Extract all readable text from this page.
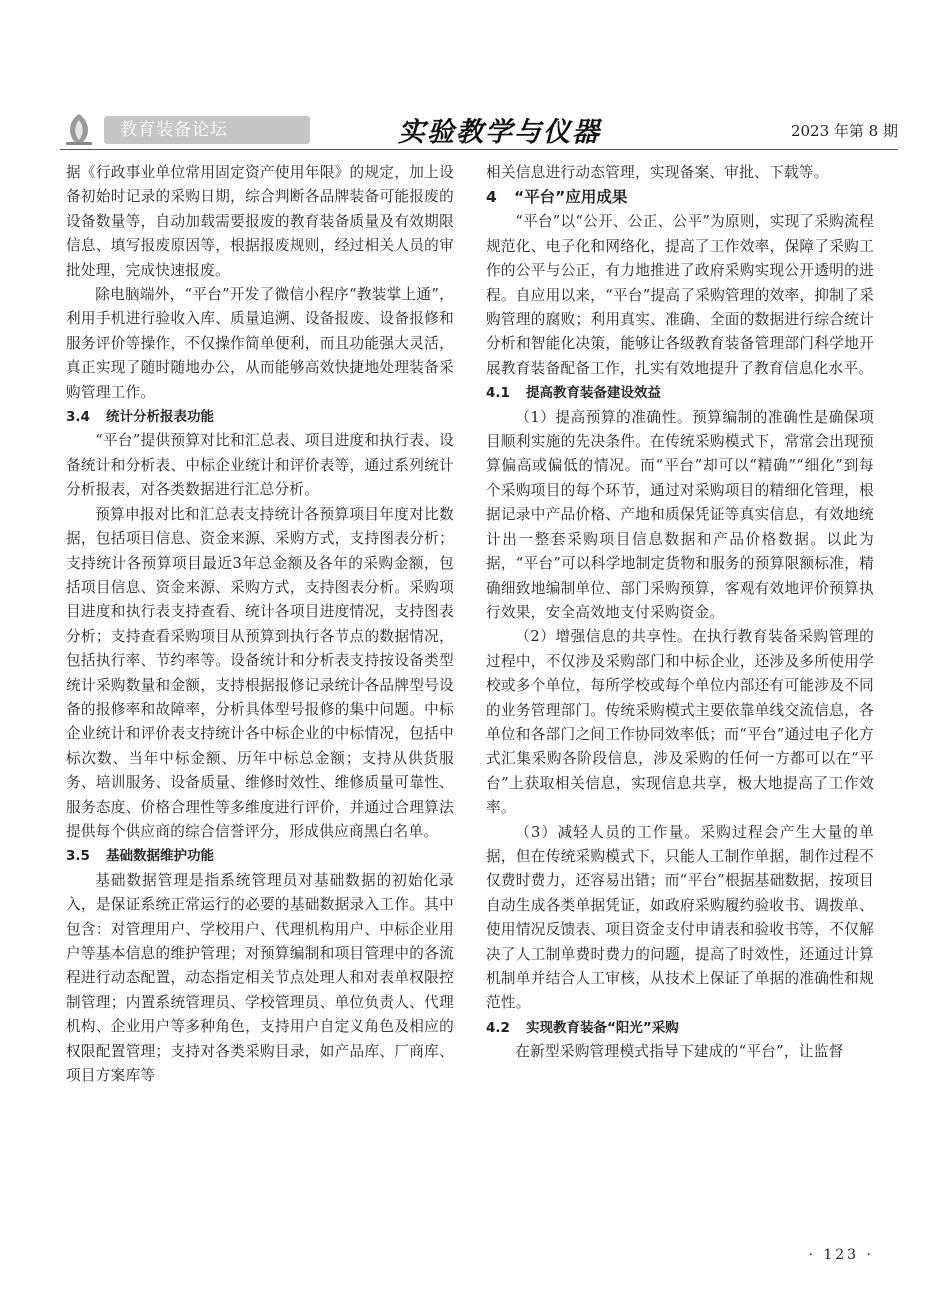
教育装备论坛	实验教学与仪器	2023 年第 8 期

据《行政事业单位常用固定资产使用年限》的规定，加上设备初始时记录的采购日期，综合判断各品牌装备可能报废的设备数量等，自动加载需要报废的教育装备质量及有效期限信息、填写报废原因等，根据报废规则，经过相关人员的审批处理，完成快速报废。

除电脑端外，“平台”开发了微信小程序“教装掌上通”，利用手机进行验收入库、质量追溯、设备报废、设备报修和服务评价等操作，不仅操作简单便利，而且功能强大灵活，真正实现了随时随地办公，从而能够高效快捷地处理装备采购管理工作。

3.4 统计分析报表功能

“平台”提供预算对比和汇总表、项目进度和执行表、设备统计和分析表、中标企业统计和评价表等，通过系列统计分析报表，对各类数据进行汇总分析。

预算申报对比和汇总表支持统计各预算项目年度对比数据，包括项目信息、资金来源、采购方式，支持图表分析；支持统计各预算项目最近3年总金额及各年的采购金额，包括项目信息、资金来源、采购方式，支持图表分析。采购项目进度和执行表支持查看、统计各项目进度情况，支持图表分析；支持查看采购项目从预算到执行各节点的数据情况，包括执行率、节约率等。设备统计和分析表支持按设备类型统计采购数量和金额，支持根据报修记录统计各品牌型号设备的报修率和故障率，分析具体型号报修的集中问题。中标企业统计和评价表支持统计各中标企业的中标情况，包括中标次数、当年中标金额、历年中标总金额；支持从供货服务、培训服务、设备质量、维修时效性、维修质量可靠性、服务态度、价格合理性等多维度进行评价，并通过合理算法提供每个供应商的综合信誉评分，形成供应商黑白名单。

3.5 基础数据维护功能

基础数据管理是指系统管理员对基础数据的初始化录入，是保证系统正常运行的必要的基础数据录入工作。其中包含：对管理用户、学校用户、代理机构用户、中标企业用户等基本信息的维护管理；对预算编制和项目管理中的各流程进行动态配置，动态指定相关节点处理人和对表单权限控制管理；内置系统管理员、学校管理员、单位负责人、代理机构、企业用户等多种角色，支持用户自定义角色及相应的权限配置管理；支持对各类采购目录，如产品库、厂商库、项目方案库等

相关信息进行动态管理，实现备案、审批、下载等。

4 “平台”应用成果

“平台”以“公开、公正、公平”为原则，实现了采购流程规范化、电子化和网络化，提高了工作效率，保障了采购工作的公平与公正，有力地推进了政府采购实现公开透明的进程。自应用以来，“平台”提高了采购管理的效率，抑制了采购管理的腐败；利用真实、准确、全面的数据进行综合统计分析和智能化决策，能够让各级教育装备管理部门科学地开展教育装备配备工作，扎实有效地提升了教育信息化水平。

4.1 提高教育装备建设效益

（1）提高预算的准确性。预算编制的准确性是确保项目顺利实施的先决条件。在传统采购模式下，常常会出现预算偏高或偏低的情况。而“平台”却可以“精确”“细化”到每个采购项目的每个环节，通过对采购项目的精细化管理，根据记录中产品价格、产地和质保凭证等真实信息，有效地统计出一整套采购项目信息数据和产品价格数据。以此为据，“平台”可以科学地制定货物和服务的预算限额标准，精确细致地编制单位、部门采购预算，客观有效地评价预算执行效果，安全高效地支付采购资金。

（2）增强信息的共享性。在执行教育装备采购管理的过程中，不仅涉及采购部门和中标企业，还涉及多所使用学校或多个单位，每所学校或每个单位内部还有可能涉及不同的业务管理部门。传统采购模式主要依靠单线交流信息，各单位和各部门之间工作协同效率低；而“平台”通过电子化方式汇集采购各阶段信息，涉及采购的任何一方都可以在“平台”上获取相关信息，实现信息共享，极大地提高了工作效率。

（3）减轻人员的工作量。采购过程会产生大量的单据，但在传统采购模式下，只能人工制作单据，制作过程不仅费时费力，还容易出错；而“平台”根据基础数据，按项目自动生成各类单据凭证，如政府采购履约验收书、调拨单、使用情况反馈表、项目资金支付申请表和验收书等，不仅解决了人工制单费时费力的问题，提高了时效性，还通过计算机制单并结合人工审核，从技术上保证了单据的准确性和规范性。

4.2 实现教育装备“阳光”采购

在新型采购管理模式指导下建成的“平台”，让监督

· 123 ·
